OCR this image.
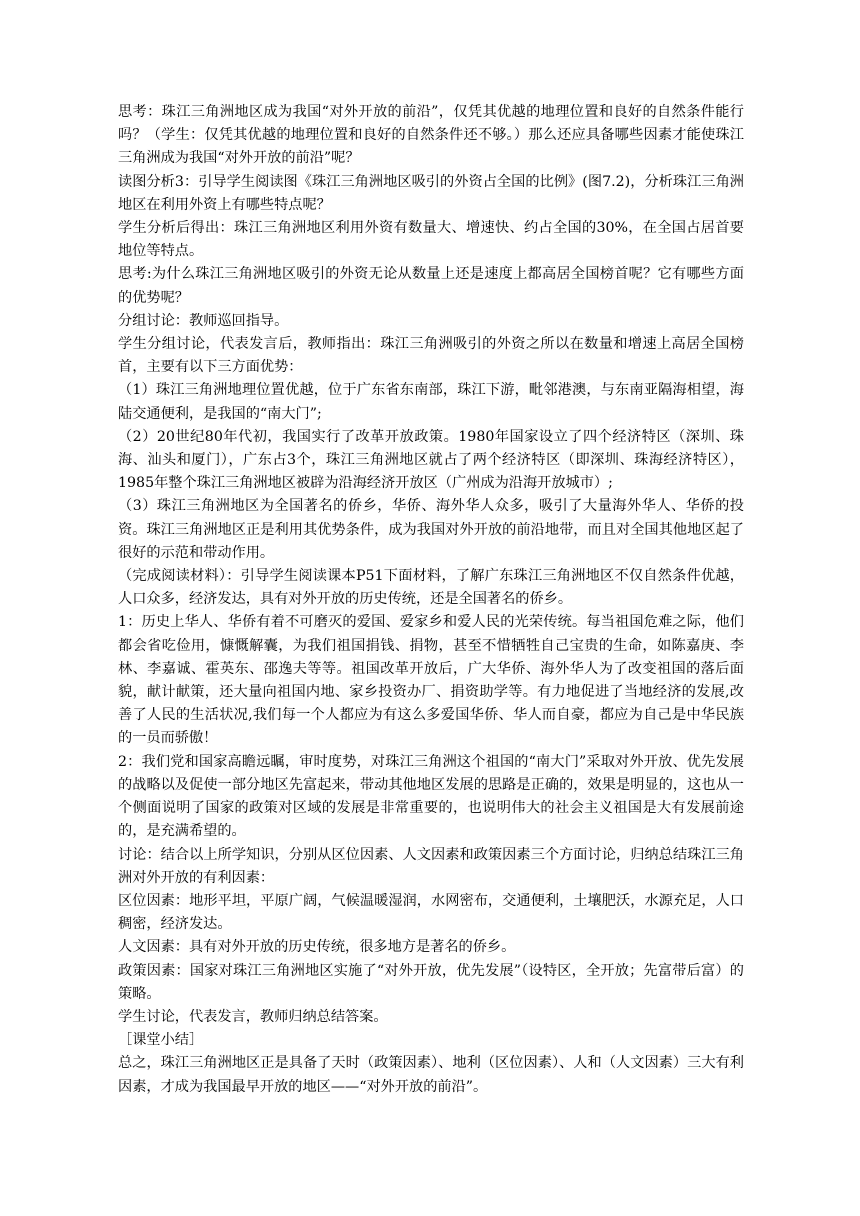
思考：珠江三角洲地区成为我国“对外开放的前沿”，仅凭其优越的地理位置和良好的自然条件能行吗？（学生：仅凭其优越的地理位置和良好的自然条件还不够。）那么还应具备哪些因素才能使珠江三角洲成为我国“对外开放的前沿”呢？

读图分析3：引导学生阅读图《珠江三角洲地区吸引的外资占全国的比例》(图7.2)，分析珠江三角洲地区在利用外资上有哪些特点呢？

学生分析后得出：珠江三角洲地区利用外资有数量大、增速快、约占全国的30%，在全国占居首要地位等特点。

思考:为什么珠江三角洲地区吸引的外资无论从数量上还是速度上都高居全国榜首呢？它有哪些方面的优势呢？

分组讨论：教师巡回指导。

学生分组讨论，代表发言后，教师指出：珠江三角洲吸引的外资之所以在数量和增速上高居全国榜首，主要有以下三方面优势：

（1）珠江三角洲地理位置优越，位于广东省东南部，珠江下游，毗邻港澳，与东南亚隔海相望，海陆交通便利，是我国的“南大门”;

（2）20世纪80年代初，我国实行了改革开放政策。1980年国家设立了四个经济特区（深圳、珠海、汕头和厦门），广东占3个，珠江三角洲地区就占了两个经济特区（即深圳、珠海经济特区），1985年整个珠江三角洲地区被辟为沿海经济开放区（广州成为沿海开放城市）;

（3）珠江三角洲地区为全国著名的侨乡，华侨、海外华人众多，吸引了大量海外华人、华侨的投资。珠江三角洲地区正是利用其优势条件，成为我国对外开放的前沿地带，而且对全国其他地区起了很好的示范和带动作用。

（完成阅读材料）：引导学生阅读课本P51下面材料，了解广东珠江三角洲地区不仅自然条件优越，人口众多，经济发达，具有对外开放的历史传统，还是全国著名的侨乡。

1：历史上华人、华侨有着不可磨灭的爱国、爱家乡和爱人民的光荣传统。每当祖国危难之际，他们都会省吃俭用，慷慨解囊，为我们祖国捐钱、捐物，甚至不惜牺牲自己宝贵的生命，如陈嘉庚、李林、李嘉诚、霍英东、邵逸夫等等。祖国改革开放后，广大华侨、海外华人为了改变祖国的落后面貌，献计献策，还大量向祖国内地、家乡投资办厂、捐资助学等。有力地促进了当地经济的发展,改善了人民的生活状况,我们每一个人都应为有这么多爱国华侨、华人而自豪，都应为自己是中华民族的一员而骄傲！

2：我们党和国家高瞻远瞩，审时度势，对珠江三角洲这个祖国的“南大门”采取对外开放、优先发展的战略以及促使一部分地区先富起来，带动其他地区发展的思路是正确的，效果是明显的，这也从一个侧面说明了国家的政策对区域的发展是非常重要的，也说明伟大的社会主义祖国是大有发展前途的，是充满希望的。

讨论：结合以上所学知识，分别从区位因素、人文因素和政策因素三个方面讨论，归纳总结珠江三角洲对外开放的有利因素：

区位因素：地形平坦，平原广阔，气候温暖湿润，水网密布，交通便利，土壤肥沃，水源充足，人口稠密，经济发达。

人文因素：具有对外开放的历史传统，很多地方是著名的侨乡。

政策因素：国家对珠江三角洲地区实施了“对外开放，优先发展”（设特区，全开放；先富带后富）的策略。

学生讨论，代表发言，教师归纳总结答案。

［课堂小结］

总之，珠江三角洲地区正是具备了天时（政策因素）、地利（区位因素）、人和（人文因素）三大有利因素，才成为我国最早开放的地区——“对外开放的前沿”。
